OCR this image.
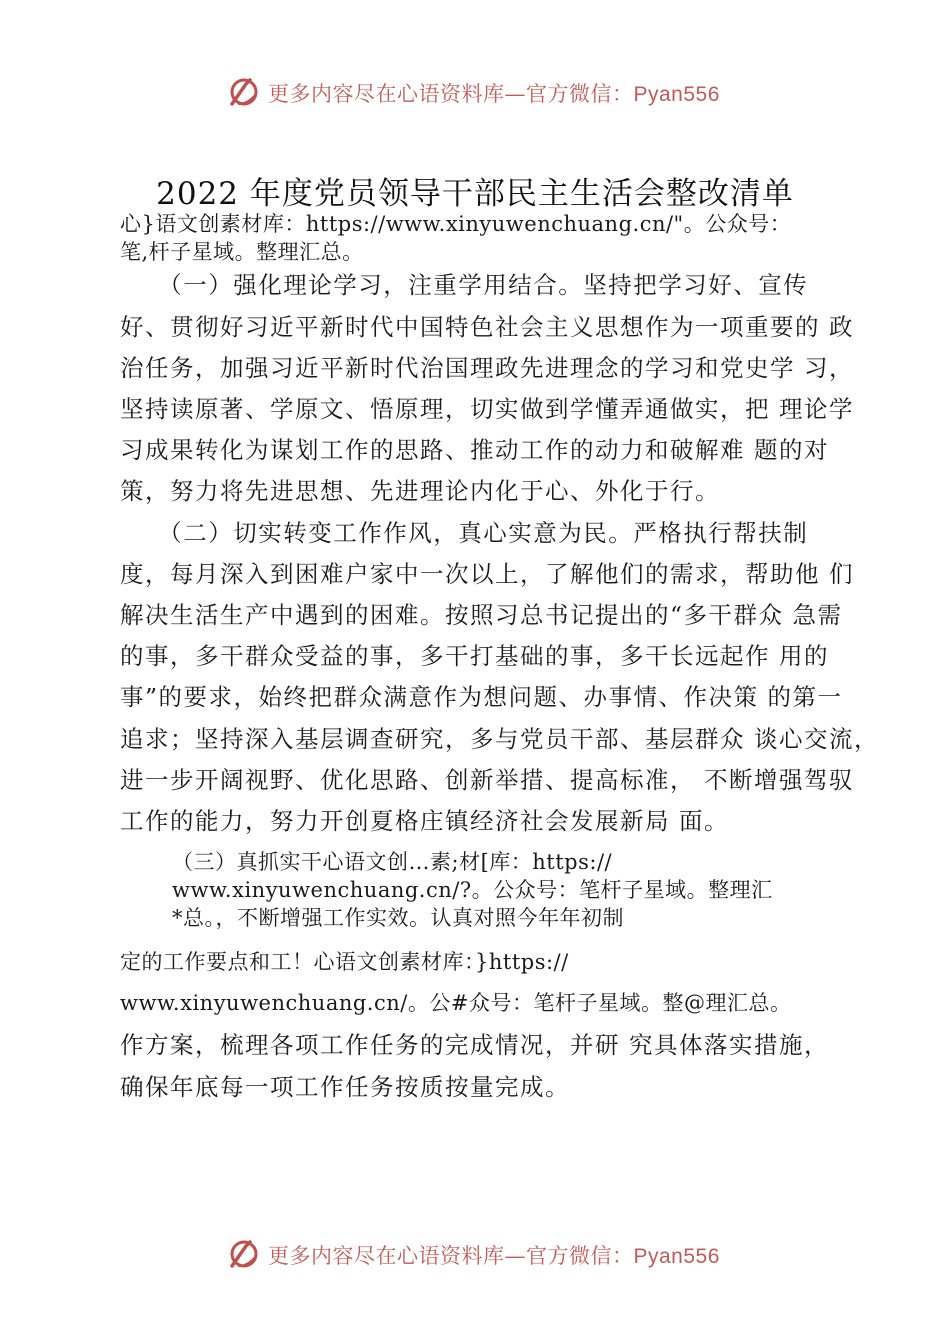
更多内容尽在心语资料库—官方微信：Pyan556
2022 年度党员领导干部民主生活会整改清单
心}语文创素材库：https://www.xinyuwenchuang.cn/"。公众号：
笔,杆子星域。整理汇总。
　　（一）强化理论学习，注重学用结合。坚持把学习好、宣传
好、贯彻好习近平新时代中国特色社会主义思想作为一项重要的 政
治任务，加强习近平新时代治国理政先进理念的学习和党史学 习，
坚持读原著、学原文、悟原理，切实做到学懂弄通做实，把 理论学
习成果转化为谋划工作的思路、推动工作的动力和破解难 题的对
策，努力将先进思想、先进理论内化于心、外化于行。
　　（二）切实转变工作作风，真心实意为民。严格执行帮扶制
度，每月深入到困难户家中一次以上，了解他们的需求，帮助他 们
解决生活生产中遇到的困难。按照习总书记提出的“多干群众 急需
的事，多干群众受益的事，多干打基础的事，多干长远起作 用的
事”的要求，始终把群众满意作为想问题、办事情、作决策 的第一
追求；坚持深入基层调查研究，多与党员干部、基层群众 谈心交流，
进一步开阔视野、优化思路、创新举措、提高标准， 不断增强驾驭
工作的能力，努力开创夏格庄镇经济社会发展新局 面。
（三）真抓实干心语文创…素;材[库：https://
www.xinyuwenchuang.cn/?。公众号：笔杆子星域。整理汇
*总。，不断增强工作实效。认真对照今年年初制
定的工作要点和工！心语文创素材库：}https://
www.xinyuwenchuang.cn/。公#众号：笔杆子星域。整@理汇总。
作方案，梳理各项工作任务的完成情况，并研 究具体落实措施，
确保年底每一项工作任务按质按量完成。
更多内容尽在心语资料库—官方微信：Pyan556
